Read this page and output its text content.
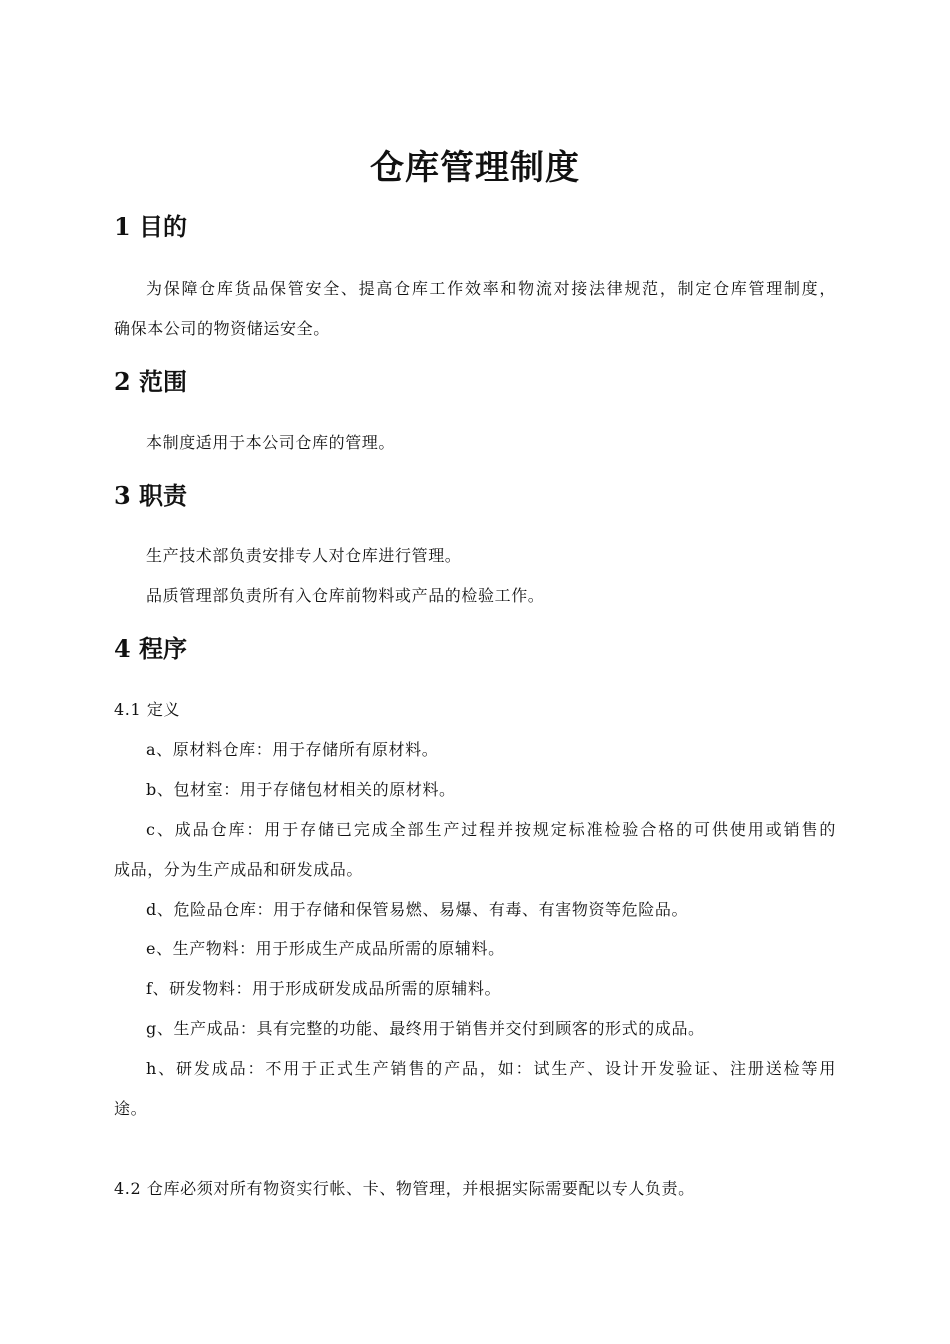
仓库管理制度
1 目的
为保障仓库货品保管安全、提高仓库工作效率和物流对接法律规范，制定仓库管理制度，
确保本公司的物资储运安全。
2 范围
本制度适用于本公司仓库的管理。
3 职责
生产技术部负责安排专人对仓库进行管理。
品质管理部负责所有入仓库前物料或产品的检验工作。
4 程序
4.1 定义
a、原材料仓库：用于存储所有原材料。
b、包材室：用于存储包材相关的原材料。
c、成品仓库：用于存储已完成全部生产过程并按规定标准检验合格的可供使用或销售的
成品，分为生产成品和研发成品。
d、危险品仓库：用于存储和保管易燃、易爆、有毒、有害物资等危险品。
e、生产物料：用于形成生产成品所需的原辅料。
f、研发物料：用于形成研发成品所需的原辅料。
g、生产成品：具有完整的功能、最终用于销售并交付到顾客的形式的成品。
h、研发成品：不用于正式生产销售的产品，如：试生产、设计开发验证、注册送检等用
途。
4.2 仓库必须对所有物资实行帐、卡、物管理，并根据实际需要配以专人负责。
